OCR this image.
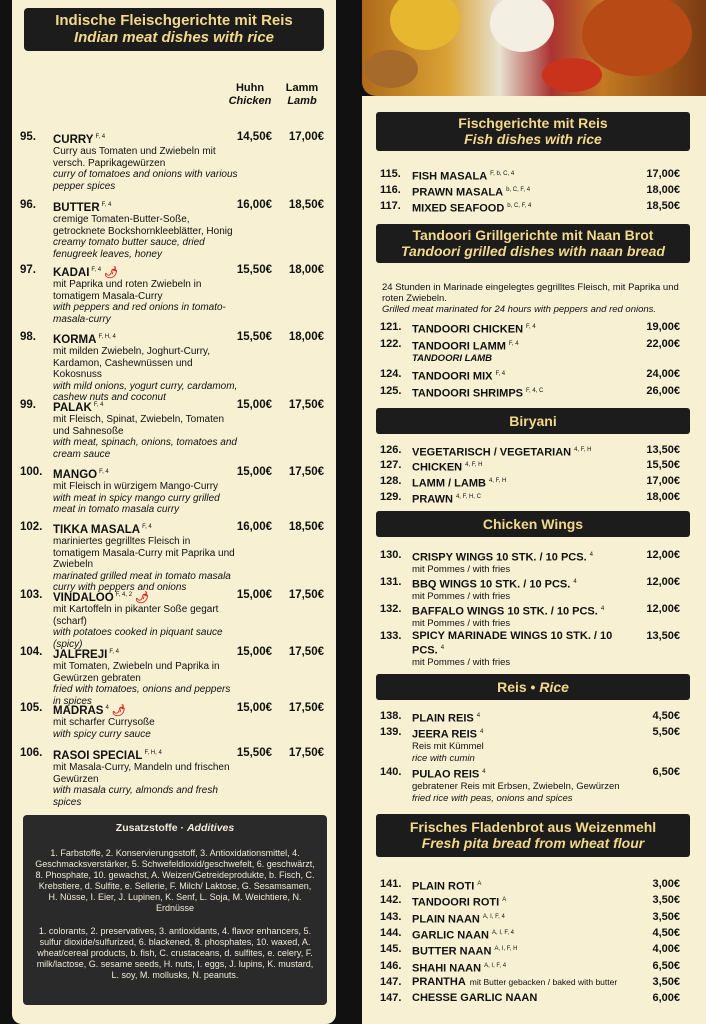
Indische Fleischgerichte mit Reis
Indian meat dishes with rice
Huhn
Chicken
Lamm
Lamb
95.	CURRY $^{F, 4}$
Curry aus Tomaten und Zwiebeln mit versch. Paprikagewürzen
curry of tomatoes and onions with various pepper spices
14,50€	17,00€
96.	BUTTER $^{F, 4}$
cremige Tomaten-Butter-Soße, getrocknete Bockshornkleeblätter, Honig
creamy tomato butter sauce, dried fenugreek leaves, honey
16,00€	18,50€
97.	KADAI $^{F, 4}$ 🌶
mit Paprika und roten Zwiebeln in tomatigem Masala-Curry
with peppers and red onions in tomato-masala-curry
15,50€	18,00€
98.	KORMA $^{F, H, 4}$
mit milden Zwiebeln, Joghurt-Curry, Kardamon, Cashewnüssen und Kokosnuss
with mild onions, yogurt curry, cardamom, cashew nuts and coconut
15,50€	18,00€
99.	PALAK $^{F, 4}$
mit Fleisch, Spinat, Zwiebeln, Tomaten und Sahnesoße
with meat, spinach, onions, tomatoes and cream sauce
15,00€	17,50€
100. MANGO $^{F, 4}$
mit Fleisch in würzigem Mango-Curry
with meat in spicy mango curry grilled meat in tomato masala curry
15,00€	17,50€
102. TIKKA MASALA $^{F, 4}$
mariniertes gegrilltes Fleisch in tomatigem Masala-Curry mit Paprika und Zwiebeln
marinated grilled meat in tomato masala curry with peppers and onions
16,00€	18,50€
103. VINDALOO $^{F, 4, 2}$ 🌶
mit Kartoffeln in pikanter Soße gegart (scharf)
with potatoes cooked in piquant sauce (spicy)
15,00€	17,50€
104. JALFREJI $^{F, 4}$
mit Tomaten, Zwiebeln und Paprika in Gewürzen gebraten
fried with tomatoes, onions and peppers in spices
15,00€	17,50€
105. MADRAS $^4$ 🌶
mit scharfer Currysoße
with spicy curry sauce
15,00€	17,50€
106. RASOI SPECIAL $^{F, H, 4}$
mit Masala-Curry, Mandeln und frischen Gewürzen
with masala curry, almonds and fresh spices
15,50€	17,50€
Zusatzstoffe · Additives

1. Farbstoffe, 2. Konservierungsstoff, 3. Antioxidationsmittel, 4. Geschmacksverstärker, 5. Schwefeldioxid/geschwefelt, 6. geschwärzt, 8. Phosphate, 10. gewachst, A. Weizen/Getreideprodukte, b. Fisch, C. Krebstiere, d. Sulfite, e. Sellerie, F. Milch/ Laktose, G. Sesamsamen, H. Nüsse, I. Eier, J. Lupinen, K. Senf, L. Soja, M. Weichtiere, N. Erdnüsse

1. colorants, 2. preservatives, 3. antioxidants, 4. flavor enhancers, 5. sulfur dioxide/sulfurized, 6. blackened, 8. phosphates, 10. waxed, A. wheat/cereal products, b. fish, C. crustaceans, d. sulfites, e. celery, F. milk/lactose, G. sesame seeds, H. nuts, I. eggs, J. lupins, K. mustard, L. soy, M. mollusks, N. peanuts.

Fischgerichte mit Reis
Fish dishes with rice
115.	FISH MASALA $^{F, b, C, 4}$	17,00€
116.	PRAWN MASALA $^{b, C, F, 4}$	18,00€
117.	MIXED SEAFOOD $^{b, C, F, 4}$	18,50€
Tandoori Grillgerichte mit Naan Brot
Tandoori grilled dishes with naan bread
24 Stunden in Marinade eingelegtes gegrilltes Fleisch, mit Paprika und roten Zwiebeln.
Grilled meat marinated for 24 hours with peppers and red onions.
121. TANDOORI CHICKEN $^{F, 4}$	19,00€
122. TANDOORI LAMM $^{F, 4}$
TANDOORI LAMB
22,00€
124. TANDOORI MIX $^{F, 4}$	24,00€
125. TANDOORI SHRIMPS $^{F, 4, C}$	26,00€
Biryani
126. VEGETARISCH / VEGETARIAN $^{4, F, H}$	13,50€
127. CHICKEN $^{4, F, H}$	15,50€
128. LAMM / LAMB $^{4, F, H}$	17,00€
129. PRAWN $^{4, F, H, C}$	18,00€
Chicken Wings
130. CRISPY WINGS 10 STK. / 10 PCS. $^4$
mit Pommes / with fries
12,00€
131. BBQ WINGS 10 STK. / 10 PCS. $^4$
mit Pommes / with fries
12,00€
132. BAFFALO WINGS 10 STK. / 10 PCS. $^4$
mit Pommes / with fries
12,00€
133. SPICY MARINADE WINGS 10 STK. / 10 PCS. $^4$
mit Pommes / with fries
13,50€
Reis • Rice
138. PLAIN REIS $^4$	4,50€
139. JEERA REIS $^4$
Reis mit Kümmel
rice with cumin
5,50€
140. PULAO REIS $^4$
gebratener Reis mit Erbsen, Zwiebeln, Gewürzen
fried rice with peas, onions and spices
6,50€
Frisches Fladenbrot aus Weizenmehl
Fresh pita bread from wheat flour
141. PLAIN ROTI $^A$	3,00€
142. TANDOORI ROTI $^A$	3,50€
143. PLAIN NAAN $^{A, I, F, 4}$	3,50€
144. GARLIC NAAN $^{A, I, F, 4}$	4,50€
145. BUTTER NAAN $^{A, I, F, H}$	4,00€
146. SHAHI NAAN $^{A, I, F, 4}$	6,50€
147. PRANTHA mit Butter gebacken / baked with butter	3,50€
147. CHESSE GARLIC NAAN	6,00€
